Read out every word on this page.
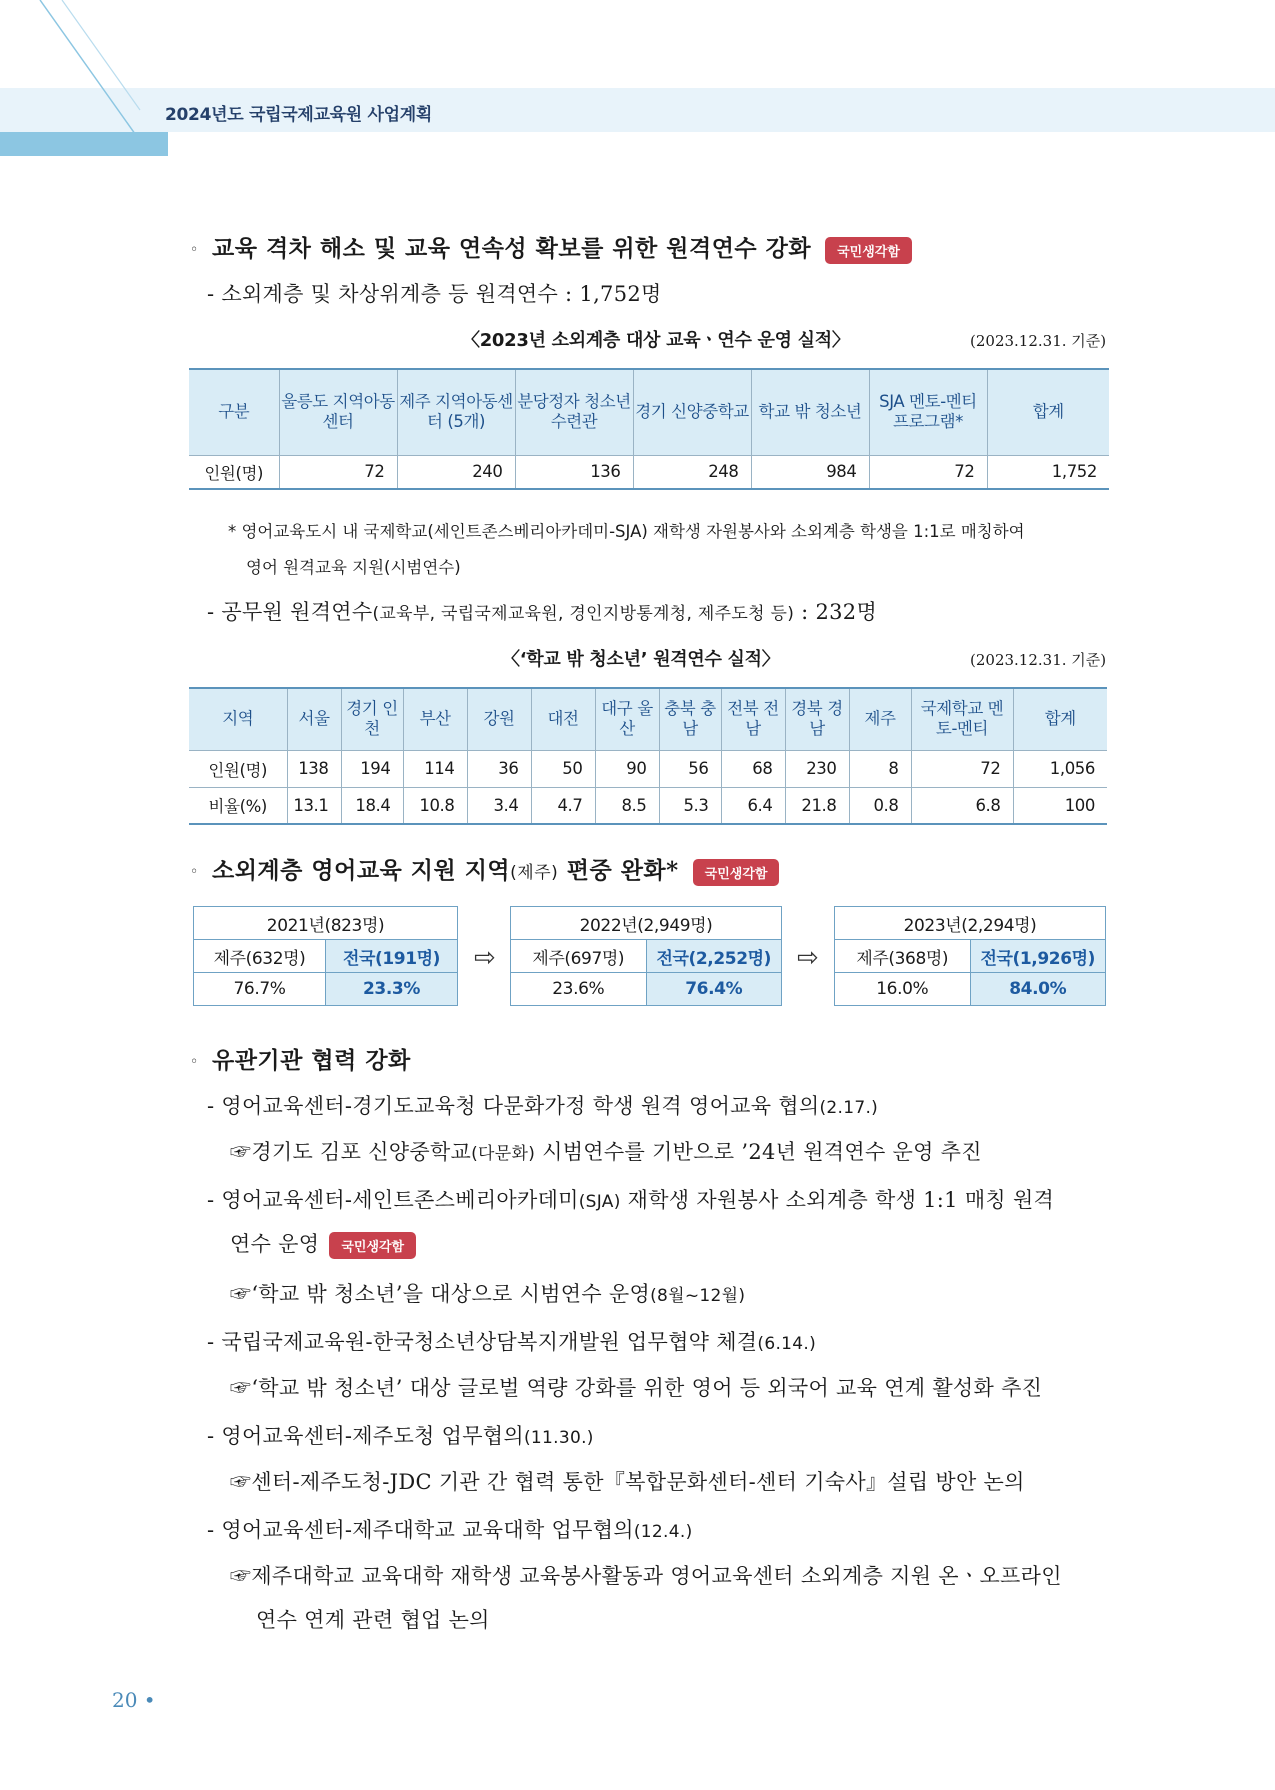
2024년도 국립국제교육원 사업계획
◦ 교육 격차 해소 및 교육 연속성 확보를 위한 원격연수 강화 국민생각함
- 소외계층 및 차상위계층 등 원격연수 : 1,752명
〈2023년 소외계층 대상 교육ㆍ연수 운영 실적〉	(2023.12.31. 기준)
구분	울릉도 지역아동센터	제주 지역아동센터 (5개)	분당정자 청소년수련관	경기 신양중학교	학교 밖 청소년	SJA 멘토-멘티 프로그램*	합계
인원(명)	72	240	136	248	984	72	1,752
* 영어교육도시 내 국제학교(세인트존스베리아카데미-SJA) 재학생 자원봉사와 소외계층 학생을 1:1로 매칭하여
영어 원격교육 지원(시범연수)
- 공무원 원격연수(교육부, 국립국제교육원, 경인지방통계청, 제주도청 등) : 232명
〈‘학교 밖 청소년’ 원격연수 실적〉	(2023.12.31. 기준)
지역	서울	경기 인천	부산	강원	대전	대구 울산	충북 충남	전북 전남	경북 경남	제주	국제학교 멘토-멘티	합계
인원(명)	138	194	114	36	50	90	56	68	230	8	72	1,056
비율(%)	13.1	18.4	10.8	3.4	4.7	8.5	5.3	6.4	21.8	0.8	6.8	100
◦ 소외계층 영어교육 지원 지역(제주) 편중 완화* 국민생각함
2021년(823명)	
제주(632명)	전국(191명)
76.7%	23.3%
⇨
2022년(2,949명)	
제주(697명)	전국(2,252명)
23.6%	76.4%
⇨
2023년(2,294명)	
제주(368명)	전국(1,926명)
16.0%	84.0%
◦ 유관기관 협력 강화
- 영어교육센터-경기도교육청 다문화가정 학생 원격 영어교육 협의(2.17.)
☞경기도 김포 신양중학교(다문화) 시범연수를 기반으로 ’24년 원격연수 운영 추진
- 영어교육센터-세인트존스베리아카데미(SJA) 재학생 자원봉사 소외계층 학생 1:1 매칭 원격
연수 운영 국민생각함
☞‘학교 밖 청소년’을 대상으로 시범연수 운영(8월~12월)
- 국립국제교육원-한국청소년상담복지개발원 업무협약 체결(6.14.)
☞‘학교 밖 청소년’ 대상 글로벌 역량 강화를 위한 영어 등 외국어 교육 연계 활성화 추진
- 영어교육센터-제주도청 업무협의(11.30.)
☞센터-제주도청-JDC 기관 간 협력 통한『복합문화센터-센터 기숙사』설립 방안 논의
- 영어교육센터-제주대학교 교육대학 업무협의(12.4.)
☞제주대학교 교육대학 재학생 교육봉사활동과 영어교육센터 소외계층 지원 온ㆍ오프라인
연수 연계 관련 협업 논의
20 •
